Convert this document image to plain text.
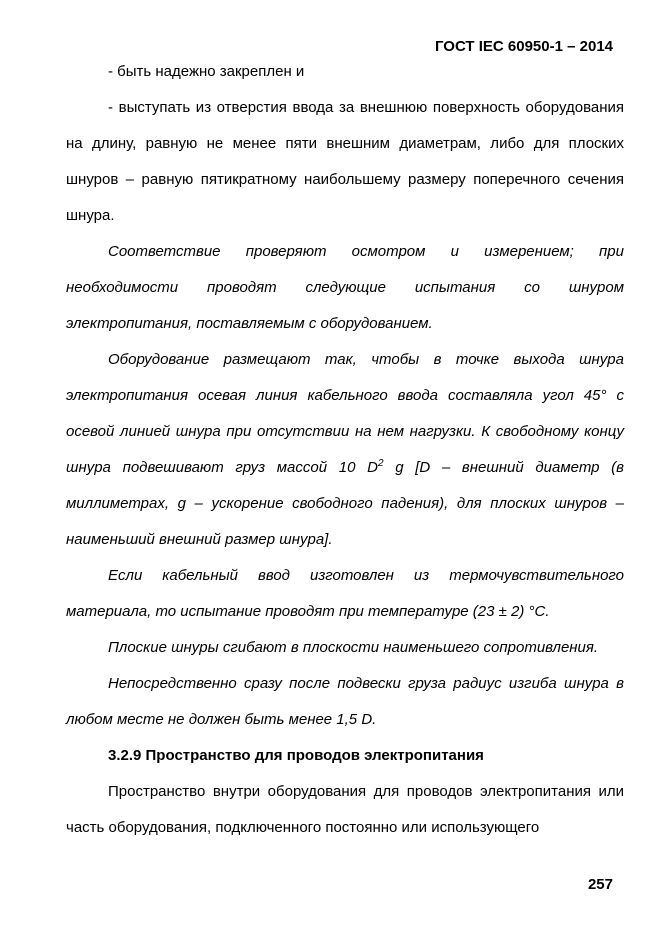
ГОСТ IEC 60950-1 – 2014

- быть надежно закреплен и

- выступать из отверстия ввода за внешнюю поверхность оборудования на длину, равную не менее пяти внешним диаметрам, либо для плоских шнуров – равную пятикратному наибольшему размеру поперечного сечения шнура.

Соответствие проверяют осмотром и измерением; при необходимости проводят следующие испытания со шнуром электропитания, поставляемым с оборудованием.

Оборудование размещают так, чтобы в точке выхода шнура электропитания осевая линия кабельного ввода составляла угол 45° с осевой линией шнура при отсутствии на нем нагрузки. К свободному концу шнура подвешивают груз массой 10 $D^2$ g [D – внешний диаметр (в миллиметрах, g – ускорение свободного падения), для плоских шнуров – наименьший внешний размер шнура].

Если кабельный ввод изготовлен из термочувствительного материала, то испытание проводят при температуре (23 ± 2) °С.

Плоские шнуры сгибают в плоскости наименьшего сопротивления.

Непосредственно сразу после подвески груза радиус изгиба шнура в любом месте не должен быть менее 1,5 D.

3.2.9 Пространство для проводов электропитания

Пространство внутри оборудования для проводов электропитания или часть оборудования, подключенного постоянно или использующего

257
